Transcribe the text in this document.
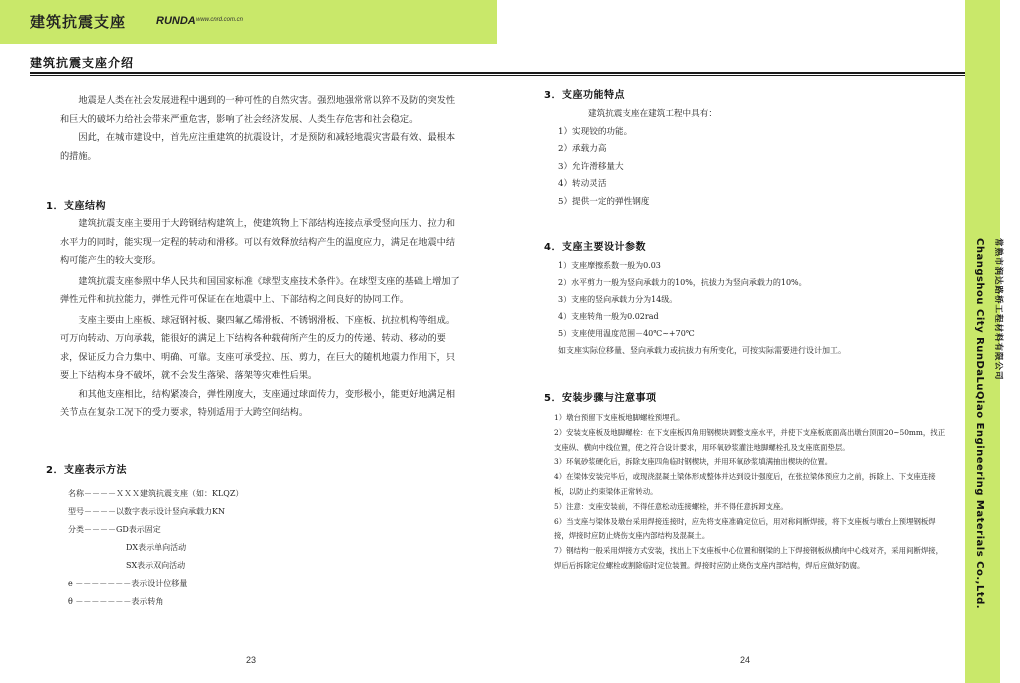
建筑抗震支座	RUNDA www.cnrd.com.cn
建筑抗震支座介绍
常熟市润达路桥工程材料有限公司
Changshou City RunDaLuQiao Engineering Materials Co.,Ltd.

地震是人类在社会发展进程中遇到的一种可性的自然灾害。强烈地强常常以猝不及防的突发性和巨大的破坏力给社会带来严重危害，影响了社会经济发展、人类生存危害和社会稳定。

因此，在城市建设中，首先应注重建筑的抗震设计，才是预防和减轻地震灾害最有效、最根本的措施。

1．支座结构

建筑抗震支座主要用于大跨钢结构建筑上，使建筑物上下部结构连接点承受竖向压力、拉力和水平力的同时，能实现一定程的转动和滑移。可以有效释放结构产生的温度应力，满足在地震中结构可能产生的较大变形。

建筑抗震支座参照中华人民共和国国家标准《球型支座技术条件》。在球型支座的基础上增加了弹性元件和抗拉能力，弹性元件可保证在在地震中上、下部结构之间良好的协同工作。

支座主要由上座板、球冠钢衬板、聚四氟乙烯滑板、不锈钢滑板、下座板、抗拉机构等组成。可万向转动、万向承载，能很好的满足上下结构各种载荷所产生的反力的传递、转动、移动的要求，保证反力合力集中、明确、可靠。支座可承受拉、压、剪力，在巨大的随机地震力作用下，只要上下结构本身不破坏，就不会发生落梁、落架等灾难性后果。

和其他支座相比，结构紧凑合，弹性刚度大，支座通过球面传力，变形极小，能更好地满足相关节点在复杂工况下的受力要求，特别适用于大跨空间结构。

2．支座表示方法

名称－－－－ＸＸＸ建筑抗震支座（如：KLQZ）

型号－－－－以数字表示设计竖向承载力KN

分类－－－－GD表示固定

DX表示单向活动

SX表示双向活动

e －－－－－－－表示设计位移量

θ －－－－－－－表示转角

23
3．支座功能特点

建筑抗震支座在建筑工程中具有：

1）实现铰的功能。

2）承载力高

3）允许滑移量大

4）转动灵活

5）提供一定的弹性钢度

4．支座主要设计参数

1）支座摩擦系数一般为0.03

2）水平剪力一般为竖向承载力的10%，抗拔力为竖向承载力的10%。

3）支座的竖向承载力分为14级。

4）支座转角一般为0.02rad

5）支座使用温度范围－40℃~+70℃

如支座实际位移量、竖向承载力或抗拔力有所变化，可按实际需要进行设计加工。

5．安装步骤与注意事项

1）墩台预留下支座板地脚螺栓预埋孔。

2）安装支座板及地脚螺栓：在下支座板四角用钢楔块调整支座水平，并使下支座板底面高出墩台顶面20~50mm，找正支座纵、横向中线位置，使之符合设计要求，用环氧砂浆灌注地脚螺栓孔及支座底面垫层。

3）环氧砂浆硬化后，拆除支座四角临时钢楔块，并用环氧砂浆填满抽出楔块的位置。

4）在梁体安装完毕后，或现浇混凝土梁体形成整体并达到设计强度后，在张拉梁体预应力之前，拆除上、下支座连接板，以防止约束梁体正常转动。

5）注意：支座安装前，不得任意松动连接螺栓，并不得任意拆卸支座。

6）当支座与梁体及墩台采用焊接连接时，应先将支座准确定位后，用对称间断焊接，将下支座板与墩台上预埋钢板焊接，焊接时应防止烧伤支座内部结构及混凝土。

7）钢结构一般采用焊接方式安装，找出上下支座板中心位置和钢梁的上下焊接钢板纵横向中心线对齐，采用间断焊接，焊后后拆除定位螺栓或割除临时定位装置。焊接时应防止烧伤支座内部结构，焊后应做好防腐。

24
